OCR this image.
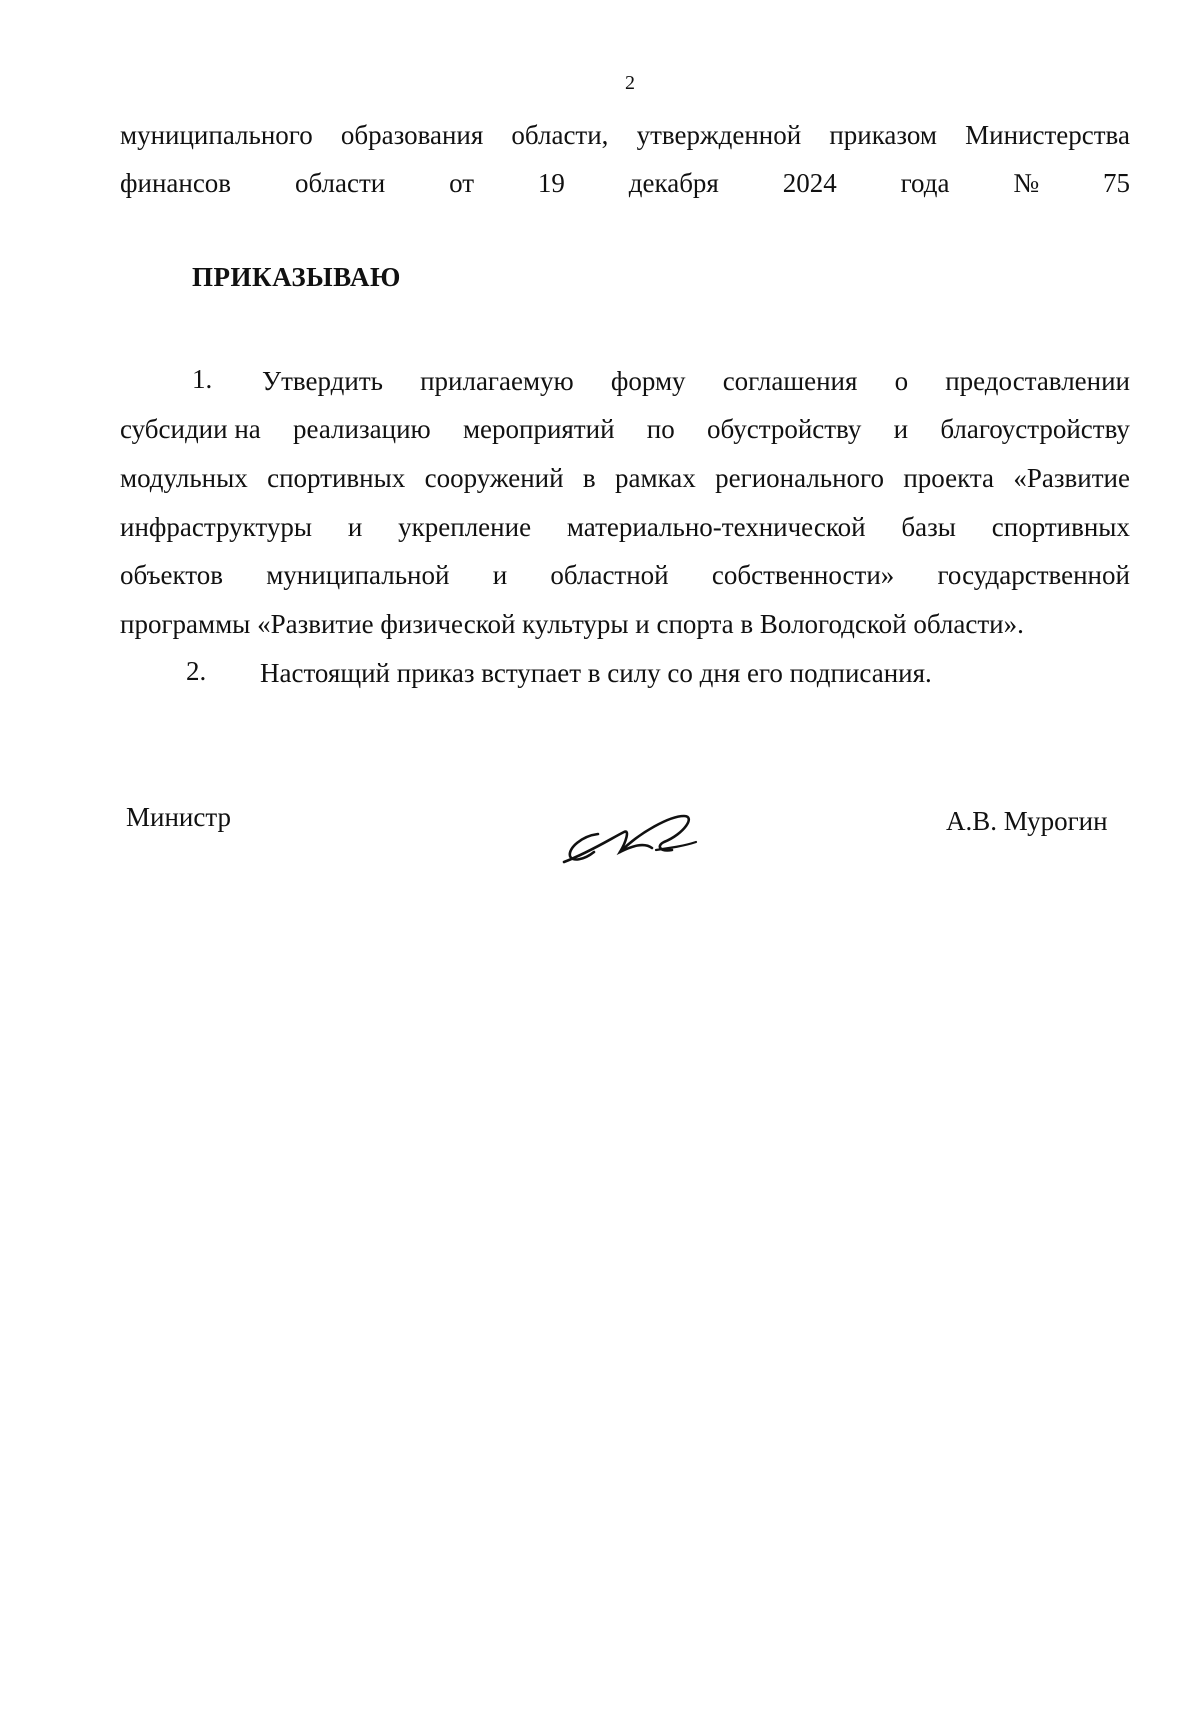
2
муниципального образования области, утвержденной приказом Министерства
финансов области от 19 декабря 2024 года № 75
ПРИКАЗЫВАЮ
1. Утвердить прилагаемую форму соглашения о предоставлении
субсидии на реализацию мероприятий по обустройству и благоустройству
модульных спортивных сооружений в рамках регионального проекта «Развитие
инфраструктуры и укрепление материально-технической базы спортивных
объектов муниципальной и областной собственности» государственной
программы «Развитие физической культуры и спорта в Вологодской области».
2. Настоящий приказ вступает в силу со дня его подписания.
Министр	А.В. Мурогин
